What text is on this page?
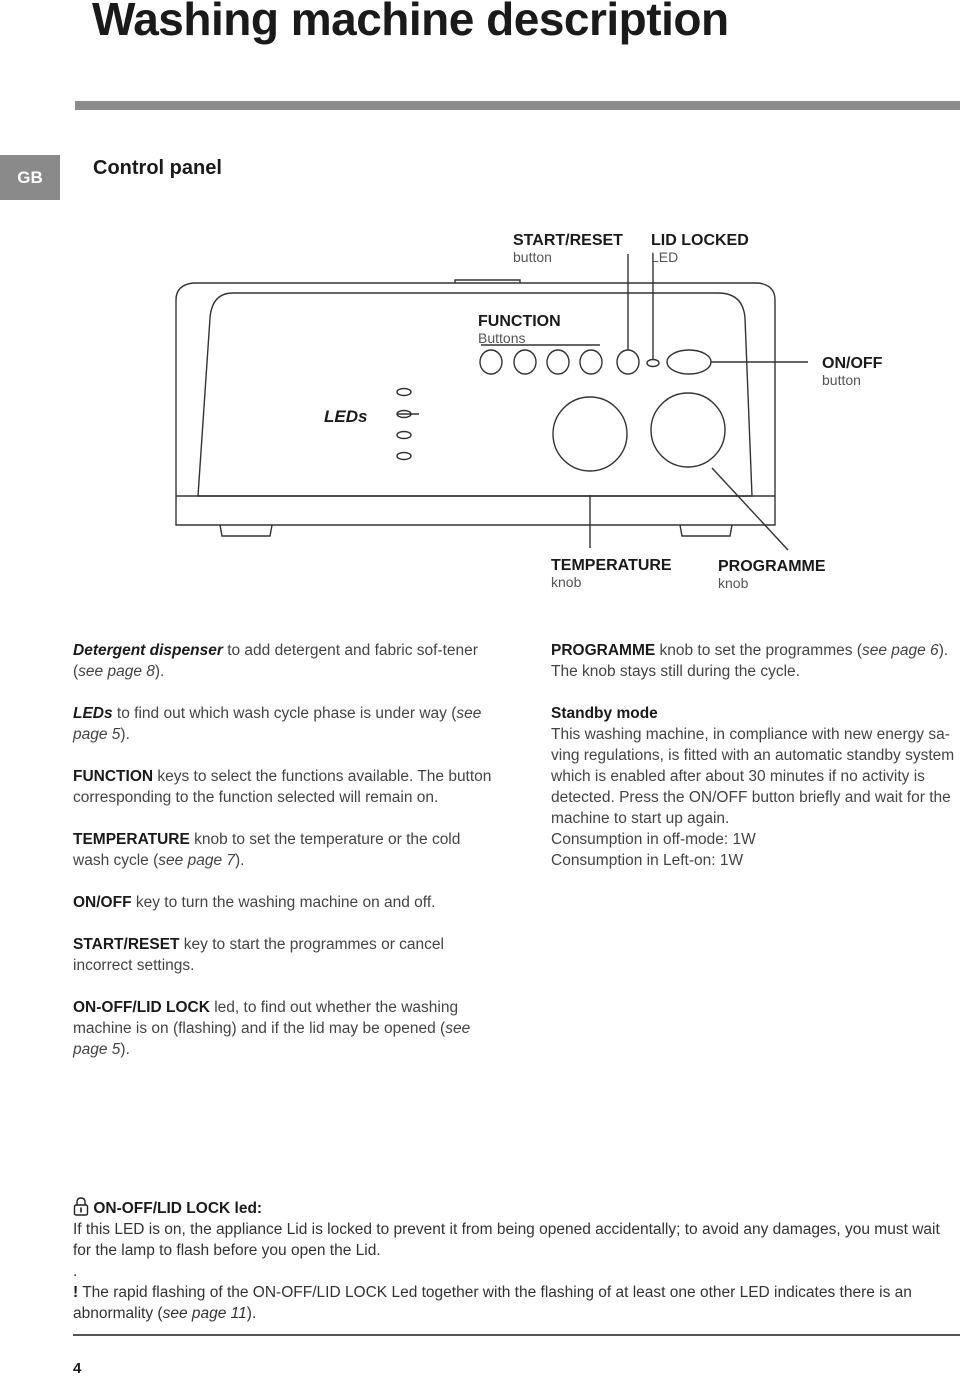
Washing machine description
GB	Control panel
START/RESET
button
LID LOCKED
LED
FUNCTION
Buttons
ON/OFF
button
LEDs
TEMPERATURE
knob
PROGRAMME
knob

Detergent dispenser to add detergent and fabric sof-tener (see page 8).

LEDs to find out which wash cycle phase is under way (see page 5).

FUNCTION keys to select the functions available. The button corresponding to the function selected will remain on.

TEMPERATURE knob to set the temperature or the cold wash cycle (see page 7).

ON/OFF key to turn the washing machine on and off.

START/RESET key to start the programmes or cancel incorrect settings.

ON-OFF/LID LOCK led, to find out whether the washing machine is on (flashing) and if the lid may be opened (see page 5).

PROGRAMME knob to set the programmes (see page 6). The knob stays still during the cycle.

Standby mode

This washing machine, in compliance with new energy sa-ving regulations, is fitted with an automatic standby system which is enabled after about 30 minutes if no activity is detected. Press the ON/OFF button briefly and wait for the machine to start up again.

Consumption in off-mode: 1W

Consumption in Left-on: 1W

ON-OFF/LID LOCK led:

If this LED is on, the appliance Lid is locked to prevent it from being opened accidentally; to avoid any damages, you must wait for the lamp to flash before you open the Lid.

.

! The rapid flashing of the ON-OFF/LID LOCK Led together with the flashing of at least one other LED indicates there is an abnormality (see page 11).

4
